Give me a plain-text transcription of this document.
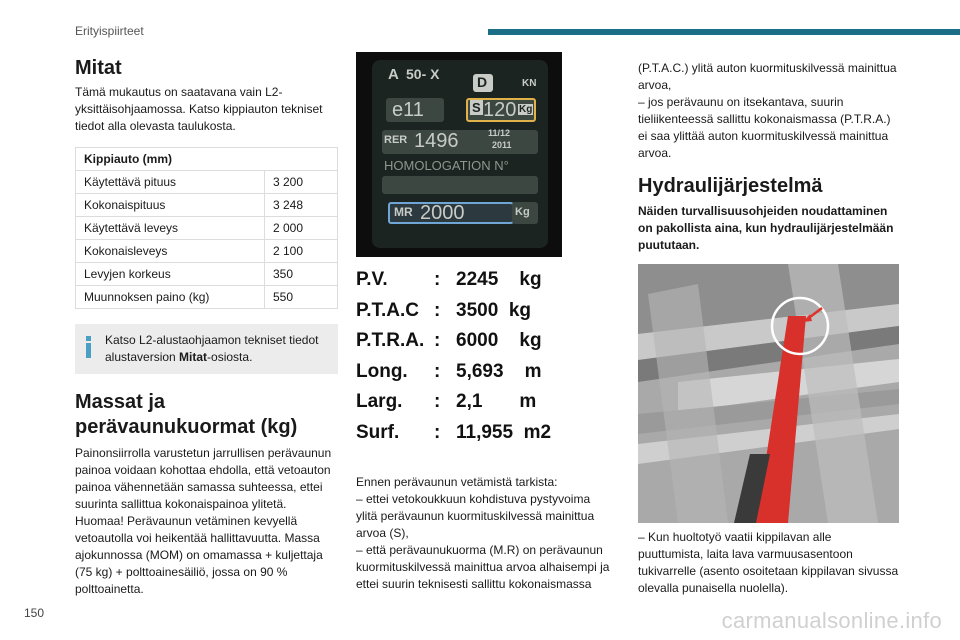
Erityispiirteet
Mitat

Tämä mukautus on saatavana vain L2-yksittäisohjaamossa. Katso kippiauton tekniset tiedot alla olevasta taulukosta.

Kippiauto (mm)	
Käytettävä pituus	3 200
Kokonaispituus	3 248
Käytettävä leveys	2 000
Kokonaisleveys	2 100
Levyjen korkeus	350
Muunnoksen paino (kg)	550

Katso L2-alustaohjaamon tekniset tiedot alustaversion Mitat-osiosta.

Massat ja
perävaunukuormat (kg)

Painonsiirrolla varustetun jarrullisen perävaunun painoa voidaan kohottaa ehdolla, että vetoauton painoa vähennetään samassa suhteessa, ettei suurinta sallittua kokonaispainoa ylitetä. Huomaa! Perävaunun vetäminen kevyellä vetoautolla voi heikentää hallittavuutta. Massa ajokunnossa (MOM) on omamassa + kuljettaja (75 kg) + polttoainesäiliö, jossa on 90 % polttoainetta.

A 50- X	D	KN
e11	S 120 Kg
RER 1496	11/12
2011
HOMOLOGATION N°
MR 2000	Kg
P.V.	: 2245    kg
P.T.A.C : 3500  kg
P.T.R.A. : 6000    kg
Long.	: 5,693    m
Larg.	: 2,1       m
Surf.	: 11,955  m2

Ennen perävaunun vetämistä tarkista:
– ettei vetokoukkuun kohdistuva pystyvoima ylitä perävaunun kuormituskilvessä mainittua arvoa (S),
– että perävaunukuorma (M.R) on perävaunun kuormituskilvessä mainittua arvoa alhaisempi ja ettei suurin teknisesti sallittu kokonaismassa

(P.T.A.C.) ylitä auton kuormituskilvessä mainittua arvoa,
– jos perävaunu on itsekantava, suurin tieliikenteessä sallittu kokonaismassa (P.T.R.A.) ei saa ylittää auton kuormituskilvessä mainittua arvoa.

Hydraulijärjestelmä

Näiden turvallisuusohjeiden noudattaminen on pakollista aina, kun hydraulijärjestelmään puututaan.

– Kun huoltotyö vaatii kippilavan alle puuttumista, laita lava varmuusasentoon tukivarrelle (asento osoitetaan kippilavan sivussa olevalla punaisella nuolella).

150	carmanualsonline.info
